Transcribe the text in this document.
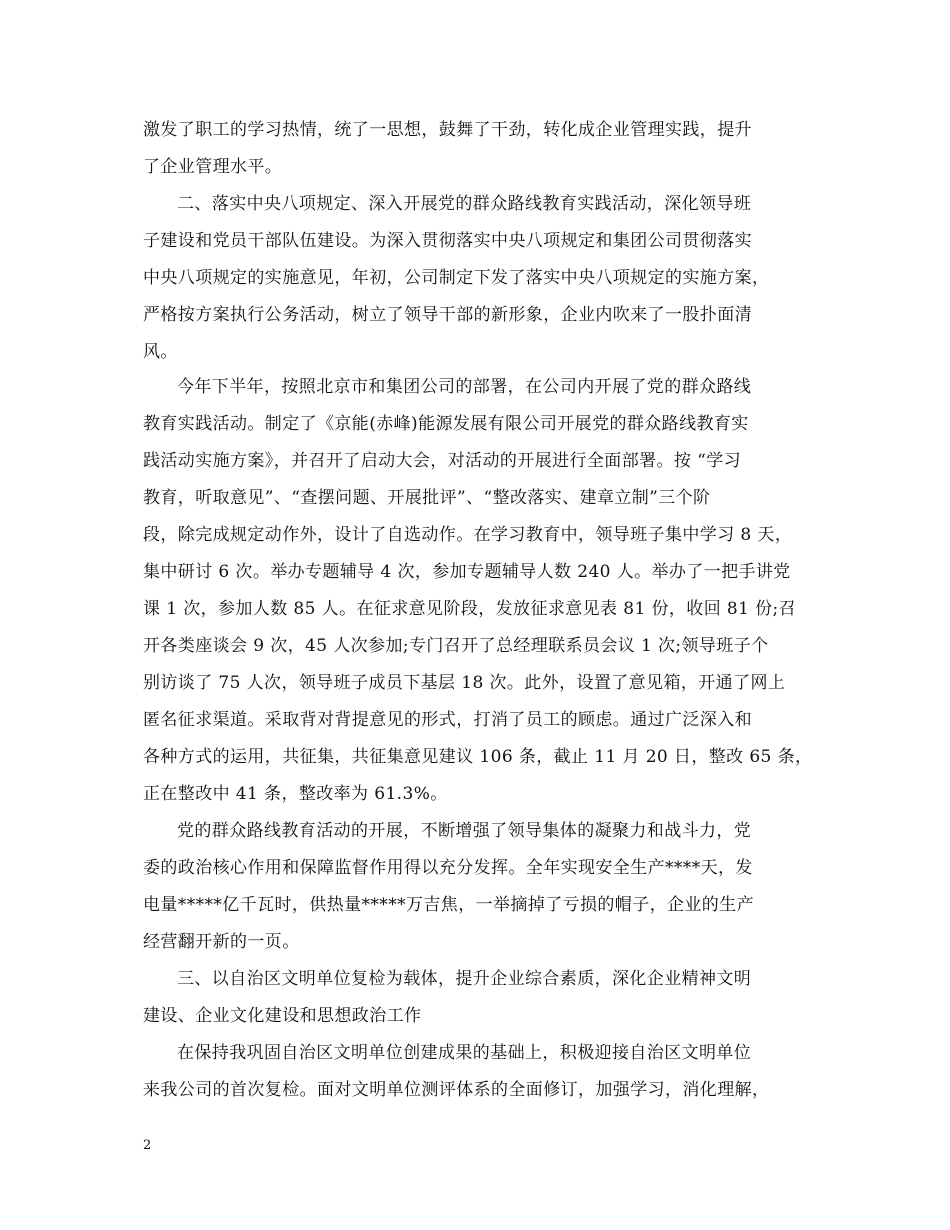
激发了职工的学习热情，统了一思想，鼓舞了干劲，转化成企业管理实践，提升
了企业管理水平。
二、落实中央八项规定、深入开展党的群众路线教育实践活动，深化领导班
子建设和党员干部队伍建设。为深入贯彻落实中央八项规定和集团公司贯彻落实
中央八项规定的实施意见，年初，公司制定下发了落实中央八项规定的实施方案，
严格按方案执行公务活动，树立了领导干部的新形象，企业内吹来了一股扑面清
风。
今年下半年，按照北京市和集团公司的部署，在公司内开展了党的群众路线
教育实践活动。制定了《京能(赤峰)能源发展有限公司开展党的群众路线教育实
践活动实施方案》，并召开了启动大会，对活动的开展进行全面部署。按 “学习
教育，听取意见”、“查摆问题、开展批评”、“整改落实、建章立制”三个阶
段，除完成规定动作外，设计了自选动作。在学习教育中，领导班子集中学习 8 天，
集中研讨 6 次。举办专题辅导 4 次，参加专题辅导人数 240 人。举办了一把手讲党
课 1 次，参加人数 85 人。在征求意见阶段，发放征求意见表 81 份，收回 81 份;召
开各类座谈会 9 次，45 人次参加;专门召开了总经理联系员会议 1 次;领导班子个
别访谈了 75 人次，领导班子成员下基层 18 次。此外，设置了意见箱，开通了网上
匿名征求渠道。采取背对背提意见的形式，打消了员工的顾虑。通过广泛深入和
各种方式的运用，共征集，共征集意见建议 106 条，截止 11 月 20 日，整改 65 条，
正在整改中 41 条，整改率为 61.3%。
党的群众路线教育活动的开展，不断增强了领导集体的凝聚力和战斗力，党
委的政治核心作用和保障监督作用得以充分发挥。全年实现安全生产****天，发
电量*****亿千瓦时，供热量*****万吉焦，一举摘掉了亏损的帽子，企业的生产
经营翻开新的一页。
三、以自治区文明单位复检为载体，提升企业综合素质，深化企业精神文明
建设、企业文化建设和思想政治工作
在保持我巩固自治区文明单位创建成果的基础上，积极迎接自治区文明单位
来我公司的首次复检。面对文明单位测评体系的全面修订，加强学习，消化理解，
2
